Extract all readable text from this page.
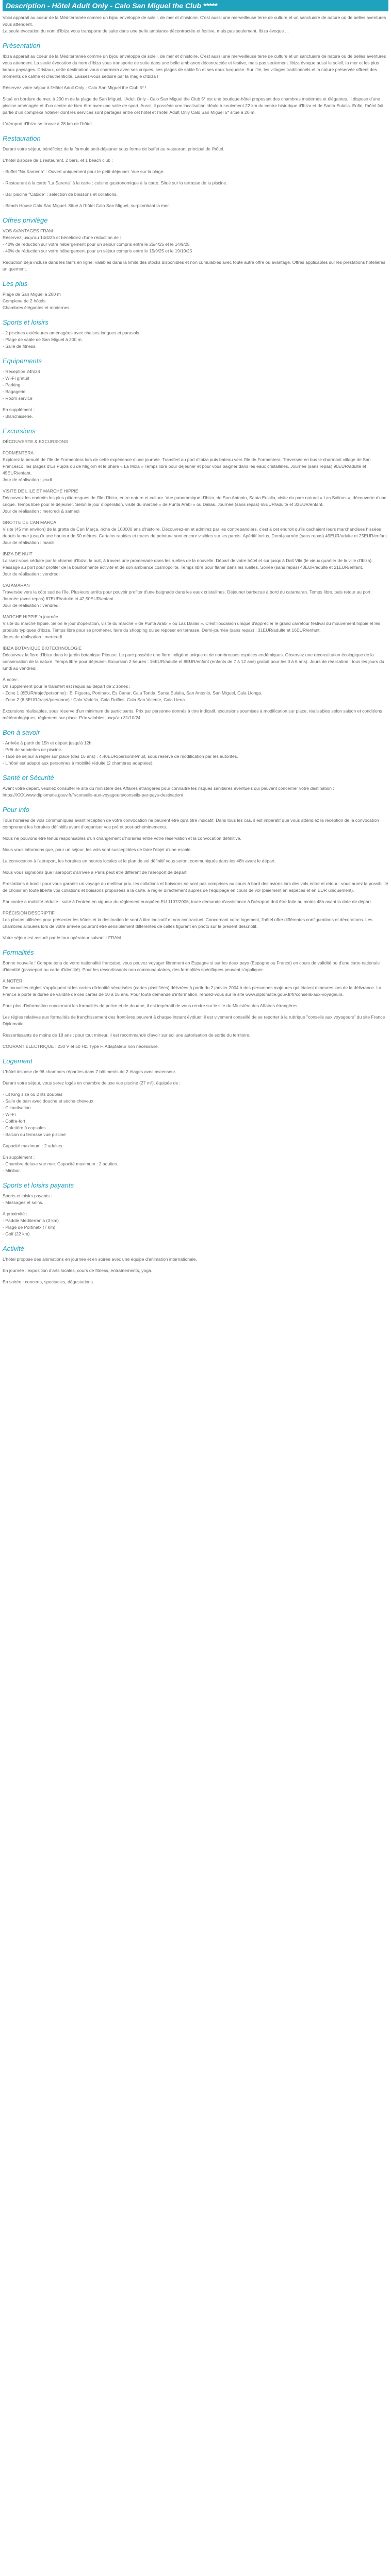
Description - Hôtel Adult Only - Calo San Miguel the Club *****

Voici apparait au coeur de la Méditerranée comme un bijou enveloppé de soleil, de mer et d'histoire. C'est aussi une merveilleuse terre de culture et un sanctuaire de nature où de belles aventures vous attendent.
La seule évocation du nom d'Ibiza vous transporte de suite dans une belle ambiance décontractée et festive, mais pas seulement. Ibiza évoque ...

Présentation

Ibiza apparait au coeur de la Méditerranée comme un bijou enveloppé de soleil, de mer et d'histoire. C'est aussi une merveilleuse terre de culture et un sanctuaire de nature où de belles aventures vous attendent. La seule évocation du nom d'Ibiza vous transporte de suite dans une belle ambiance décontractée et festive, mais pas seulement. Ibiza évoque aussi le soleil, la mer et les plus beaux paysages. Cristaux, cette destination vous charmera avec ses criques, ses plages de sable fin et ses eaux turquoise. Sur l'île, les villages traditionnels et la nature préservée offrent des moments de calme et d'authenticité. Laissez-vous séduire par la magie d'Ibiza !

Réservez votre séjour à l'Hôtel Adult Only - Calo San Miguel the Club 5* !

Situé en bordure de mer, à 200 m de la plage de San Miguel, l'Adult Only - Calo San Miguel the Club 5* est une boutique-hôtel proposant des chambres modernes et élégantes. Il dispose d'une piscine aménagée et d'un centre de bien-être avec une salle de sport. Aussi, il possède une localisation idéale à seulement 22 km du centre historique d'Ibiza et de Santa Eulalia. Enfin, l'hôtel fait partie d'un complexe hôtelier dont les services sont partagés entre cet hôtel et l'hôtel Adult Only Calo San Miguel 5* situé à 20 m.

L'aéroport d'Ibiza se trouve à 28 km de l'hôtel.

Restauration

Durant votre séjour, bénéficiez de la formule petit-déjeuner sous forme de buffet au restaurant principal de l'hôtel.

L'hôtel dispose de 1 restaurant, 2 bars, et 1 beach club :

- Buffet "Na Xamena" : Ouvert uniquement pour le petit-déjeuner. Vue sur la plage.

- Restaurant à la carte "La Sarena" à la carte : cuisine gastronomique à la carte. Situé sur la terrasse de la piscine.

- Bar piscine "Cabide" : sélection de boissons et collations.

- Beach House Calo San Miguel. Situé à l'hôtel Calo San Miguel, surplombant la mer.

Offres privilège

VOS AVANTAGES FRAM
Réservez jusqu'au 14/4/25 et bénéficiez d'une réduction de :
- 40% de réduction sur votre hébergement pour un séjour compris entre le 25/4/25 et le 14/9/25
- 40% de réduction sur votre hébergement pour un séjour compris entre le 15/9/25 et le 19/10/25

Réduction déjà incluse dans les tarifs en ligne, valables dans la limite des stocks disponibles et non cumulables avec toute autre offre ou avantage. Offres applicables sur les prestations hôtelières uniquement.

Les plus

Plage de San Miguel à 200 m
Complexe de 2 hôtels
Chambres élégantes et modernes

Sports et loisirs

- 2 piscines extérieures aménagées avec chaises longues et parasols.
- Plage de sable de San Miguel à 200 m.
- Salle de fitness.

Equipements

- Réception 24h/24
- Wi-Fi gratuit
- Parking
- Bagagerie
- Room service

En supplément :
- Blanchisserie.

Excursions

DÉCOUVERTE & EXCURSIONS

FORMENTERA
Explorez la beauté de l'île de Formentera lors de cette expérience d'une journée. Transfert au port d'Ibiza puis bateau vers l'île de Formentera. Traversée en bus le charmant village de San Francesco, les plages d'Es Pujols ou de Migjorn et le phare « La Mola » Temps libre pour déjeuner et pour vous baigner dans les eaux cristallines. Journée (sans repas) 90EUR/adulte et 45EUR/enfant.
Jour de réalisation : jeudi

VISITE DE L'ILE ET MARCHE HIPPIE
Découvrez les endroits les plus pittoresques de l'île d'Ibiza, entre nature et culture. Vue panoramique d'Ibiza, de San Antonio, Santa Eulalia, visite du parc naturel « Las Salinas », découverte d'une crique. Temps libre pour le déjeuner. Selon le jour d'opération, visite du marché « de Punta Arabi » ou Dalias. Journée (sans repas) 65EUR/adulte et 33EUR/enfant.
Jour de réalisation : mercredi & samedi

GROTTE DE CAN MARÇA
Visite (45 mn environ) de la grotte de Can Marça, riche de 100000 ans d'histoire. Découvrez-en et admirez par les contrebandiers, c'est à cet endroit qu'ils cachaient leurs marchandises hissées depuis la mer jusqu'à une hauteur de 50 mètres. Certains rapides et traces de peinture sont encore visibles sur les parois. Apéritif inclus. Demi-journée (sans repas) 49EUR/adulte et 25EUR/enfant.
Jour de réalisation : mardi

IBIZA DE NUIT
Laissez-vous séduire par le charme d'Ibiza, la nuit, à travers une promenade dans les ruelles de la nouvelle. Départ de votre hôtel et sur jusqu'à Dalt Vila (le vieux quartier de la ville d'Ibiza). Passage au port pour profiter de la bouillonnante activité et de son ambiance cosmopolite. Temps libre pour flâner dans les ruelles. Soirée (sans repas) 40EUR/adulte et 21EUR/enfant.
Jour de réalisation : vendredi

CATAMARAN
Traversée vers la côte sud de l'île. Plusieurs arrêts pour pouvoir profiter d'une baignade dans les eaux cristallines. Déjeuner barbecue à bord du catamaran. Temps libre, puis retour au port. Journée (avec repas) 87EUR/adulte et 42,50EUR/enfant.
Jour de réalisation : vendredi

MARCHE HIPPIE 'a journée
Visite du marché hippie. Selon le jour d'opération, visite du marché « de Punta Arabi » ou Las Dalias ». C'est l'occasion unique d'apprécier le grand carrefour festival du mouvement hippie et les produits typiques d'Ibiza. Temps libre pour se promener, faire du shopping ou se reposer en terrasse. Demi-journée (sans repas) : 31EUR/adulte et 16EUR/enfant.
Jours de réalisation : mercredi

IBIZA BOTANIQUE BIOTECHNOLOGIE
Découvrez la flore d'Ibiza dans le jardin botanique Piteuse. Le parc possède une flore indigène unique et de nombreuses espèces endémiques. Observez une reconstitution écologique de la conservation de la nature. Temps libre pour déjeuner. Excursion 2 heures : 16EUR/adulte et 8EUR/enfant (enfants de 7 à 12 ans) gratuit pour les 0 à 6 ans). Jours de réalisation : tous les jours du lundi au vendredi.

À noter :
Un supplément pour le transfert est requis au départ de 2 zones :
- Zone 1 (6EUR/trajet/personne) : El Figuera, Portinatx, Es Canar, Cala Tarida, Santa Eulalia, San Antonio, San Miguel, Cala Llonga.
- Zone 2 (6.5EUR/trajet/personne) : Cala Vadella, Cala Dolfins, Cala San Vicente, Cala Llena.

Excursions réalisables, sous réserve d'un minimum de participants. Prix par personne donnés à titre indicatif, excursions soumises à modification sur place, réalisables selon saison et conditions météorologiques, règlement sur place. Prix valables jusqu'au 31/10/24.

Bon à savoir

- Arrivée à partir de 15h et départ jusqu'à 12h.
- Prêt de serviettes de piscine.
- Taxe de séjour à régler sur place (dès 16 ans) : 4.40EUR/personne/nuit, sous réserve de modification par les autorités.
- L'hôtel est adapté aux personnes à mobilité réduite (2 chambres adaptées).

Santé et Sécurité

Avant votre départ, veuillez consulter le site du ministère des Affaires étrangères pour connaître les risques sanitaires éventuels qui peuvent concerner votre destination : https://XXX.www.diplomatie.gouv.fr/fr/conseils-aux-voyageurs/conseils-par-pays-destination/

Pour info

Tous horaires de vols communiqués avant réception de votre convocation ne peuvent être qu'à titre indicatif. Dans tous les cas, il est impératif que vous attendiez la réception de la convocation comprenant les horaires définitifs avant d'organiser vos pré et post-acheminements.

Nous ne pouvons être tenus responsables d'un changement d'horaires entre votre réservation et la convocation définitive.

Nous vous informons que, pour un séjour, les vols sont susceptibles de faire l'objet d'une escale.

La convocation à l'aéroport, les horaires en heures locales et le plan de vol définitif vous seront communiqués dans les 48h avant le départ.

Nous vous signalons que l'aéroport d'arrivée à Paris peut être différent de l'aéroport de départ.

Prestations à bord : pour vous garantir un voyage au meilleur prix, les collations et boissons ne sont pas comprises au cours à bord des avions lors des vols entre et retour : vous aurez la possibilité de choisir en toute liberté vos collations et boissons proposées à la carte, à régler directement auprès de l'équipage en cours de vol (paiement en espèces et en EUR uniquement).

Par contre a mobilité réduite : suite à l'entrée en vigueur du règlement européen EU 1107/2006, toute demande d'assistance à l'aéroport doit être faite au moins 48h avant la date de départ.

PRÉCISION DESCRIPTIF
Les photos utilisées pour présenter les hôtels et la destination le sont à titre indicatif et non contractuel. Concernant votre logement, l'hôtel offre différentes configurations et décorations. Les chambres allouées lors de votre arrivée pourront être sensiblement différentes de celles figurant en photo sur le présent descriptif.

Votre séjour est assuré par le tour opérateur suivant : FRAM

Formalités

Bonne nouvelle ! Compte tenu de votre nationalité française, vous pouvez voyager librement en Espagne si sur les deux pays (Espagne ou France) en cours de validité ou d'une carte nationale d'identité (passeport ou carte d'identité). Pour les ressortissants non communautaires, des formalités spécifiques peuvent s'appliquer.

À NOTER
De nouvelles règles s'appliquent si les cartes d'identité sécurisées (cartes plastifiées) délivrées à partir du 2 janvier 2004 à des personnes majeures qui étaient mineures lors de la délivrance. La France a porté la durée de validité de ces cartes de 10 à 15 ans. Pour toute demande d'information, rendez-vous sur le site www.diplomatie.gouv.fr/fr/conseils-aux-voyageurs.

Pour plus d'information concernant les formalités de police et de douane, il est impératif de vous rendre sur le site du Ministère des Affaires étrangères.

Les règles relatives aux formalités de franchissement des frontières peuvent à chaque instant évoluer, il est vivement conseillé de se reporter à la rubrique "conseils aux voyageurs" du site France Diplomatie.

Ressortissants de moins de 18 ans : pour tout mineur, il est recommandé d'avoir sur soi une autorisation de sortie du territoire.

COURANT ÉLECTRIQUE : 230 V et 50 Hz. Type F. Adaptateur non nécessaire.

Logement

L'hôtel dispose de 96 chambres réparties dans 7 bâtiments de 2 étages avec ascenseur.

Durant votre séjour, vous serez logés en chambre deluxe vue piscine (27 m²), équipée de :

- Lit King size ou 2 lits doubles
- Salle de bain avec douche et sèche-cheveux
- Climatisation
- Wi-Fi
- Coffre-fort
- Cafetière à capsules
- Balcon ou terrasse vue piscine

Capacité maximum : 2 adultes.

En supplément :
- Chambre deluxe vue mer. Capacité maximum : 2 adultes.
- Minibar.

Sports et loisirs payants

Sports et loisirs payants :
- Massages et soins.

À proximité :
- Paddle Mediterrania (3 km)
- Plage de Portinatx (7 km)
- Golf (22 km)

Activité

L'hôtel propose des animations en journée et en soirée avec une équipe d'animation internationale.

En journée : exposition d'arts locales, cours de fitness, entraînements, yoga.

En soirée : concerts, spectacles, dégustations.
